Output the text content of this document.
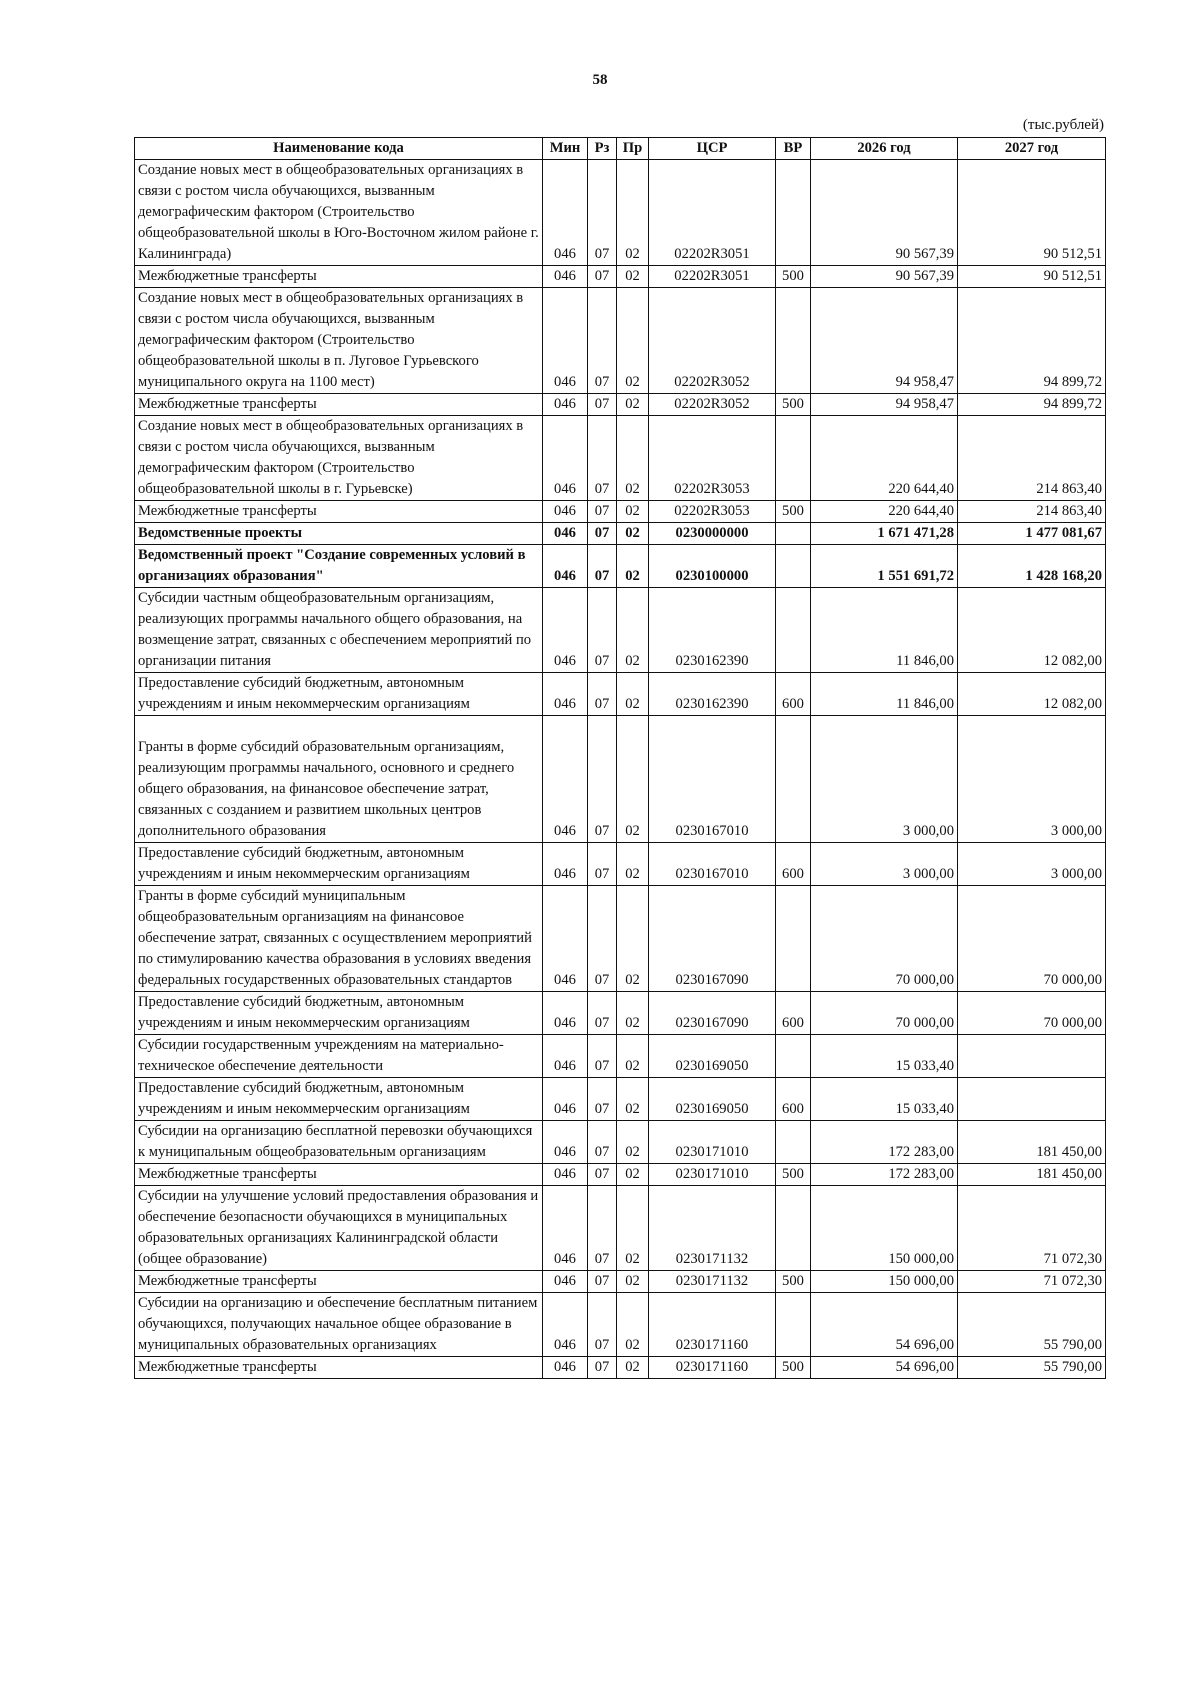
58
(тыс.рублей)
Наименование кода	Мин	Рз	Пр	ЦСР	ВР	2026 год	2027 год
Создание новых мест в общеобразовательных организациях в связи с ростом числа обучающихся, вызванным демографическим фактором (Строительство общеобразовательной школы в Юго-Восточном жилом районе г. Калининграда)	046	07	02	02202R3051		90 567,39	90 512,51
Межбюджетные трансферты	046	07	02	02202R3051	500	90 567,39	90 512,51
Создание новых мест в общеобразовательных организациях в связи с ростом числа обучающихся, вызванным демографическим фактором (Строительство общеобразовательной школы в п. Луговое Гурьевского муниципального округа на 1100 мест)	046	07	02	02202R3052		94 958,47	94 899,72
Межбюджетные трансферты	046	07	02	02202R3052	500	94 958,47	94 899,72
Создание новых мест в общеобразовательных организациях в связи с ростом числа обучающихся, вызванным демографическим фактором (Строительство общеобразовательной школы в г. Гурьевске)	046	07	02	02202R3053		220 644,40	214 863,40
Межбюджетные трансферты	046	07	02	02202R3053	500	220 644,40	214 863,40
Ведомственные проекты	046	07	02	0230000000		1 671 471,28	1 477 081,67
Ведомственный проект "Создание современных условий в организациях образования"	046	07	02	0230100000		1 551 691,72	1 428 168,20
Субсидии частным общеобразовательным организациям, реализующих программы начального общего образования, на возмещение затрат, связанных с обеспечением мероприятий по организации питания	046	07	02	0230162390		11 846,00	12 082,00
Предоставление субсидий бюджетным, автономным учреждениям и иным некоммерческим организациям	046	07	02	0230162390	600	11 846,00	12 082,00
Гранты в форме субсидий образовательным организациям, реализующим программы начального, основного и среднего общего образования, на финансовое обеспечение затрат, связанных с созданием и развитием школьных центров дополнительного образования	046	07	02	0230167010		3 000,00	3 000,00
Предоставление субсидий бюджетным, автономным учреждениям и иным некоммерческим организациям	046	07	02	0230167010	600	3 000,00	3 000,00
Гранты в форме субсидий муниципальным общеобразовательным организациям на финансовое обеспечение затрат, связанных с осуществлением мероприятий по стимулированию качества образования в условиях введения федеральных государственных образовательных стандартов	046	07	02	0230167090		70 000,00	70 000,00
Предоставление субсидий бюджетным, автономным учреждениям и иным некоммерческим организациям	046	07	02	0230167090	600	70 000,00	70 000,00
Субсидии государственным учреждениям на материально-техническое обеспечение деятельности	046	07	02	0230169050		15 033,40	
Предоставление субсидий бюджетным, автономным учреждениям и иным некоммерческим организациям	046	07	02	0230169050	600	15 033,40	
Субсидии на организацию бесплатной перевозки обучающихся к муниципальным общеобразовательным организациям	046	07	02	0230171010		172 283,00	181 450,00
Межбюджетные трансферты	046	07	02	0230171010	500	172 283,00	181 450,00
Субсидии на улучшение условий предоставления образования и обеспечение безопасности обучающихся в муниципальных образовательных организациях Калининградской области (общее образование)	046	07	02	0230171132		150 000,00	71 072,30
Межбюджетные трансферты	046	07	02	0230171132	500	150 000,00	71 072,30
Субсидии на организацию и обеспечение бесплатным питанием обучающихся, получающих начальное общее образование в муниципальных образовательных организациях	046	07	02	0230171160		54 696,00	55 790,00
Межбюджетные трансферты	046	07	02	0230171160	500	54 696,00	55 790,00
